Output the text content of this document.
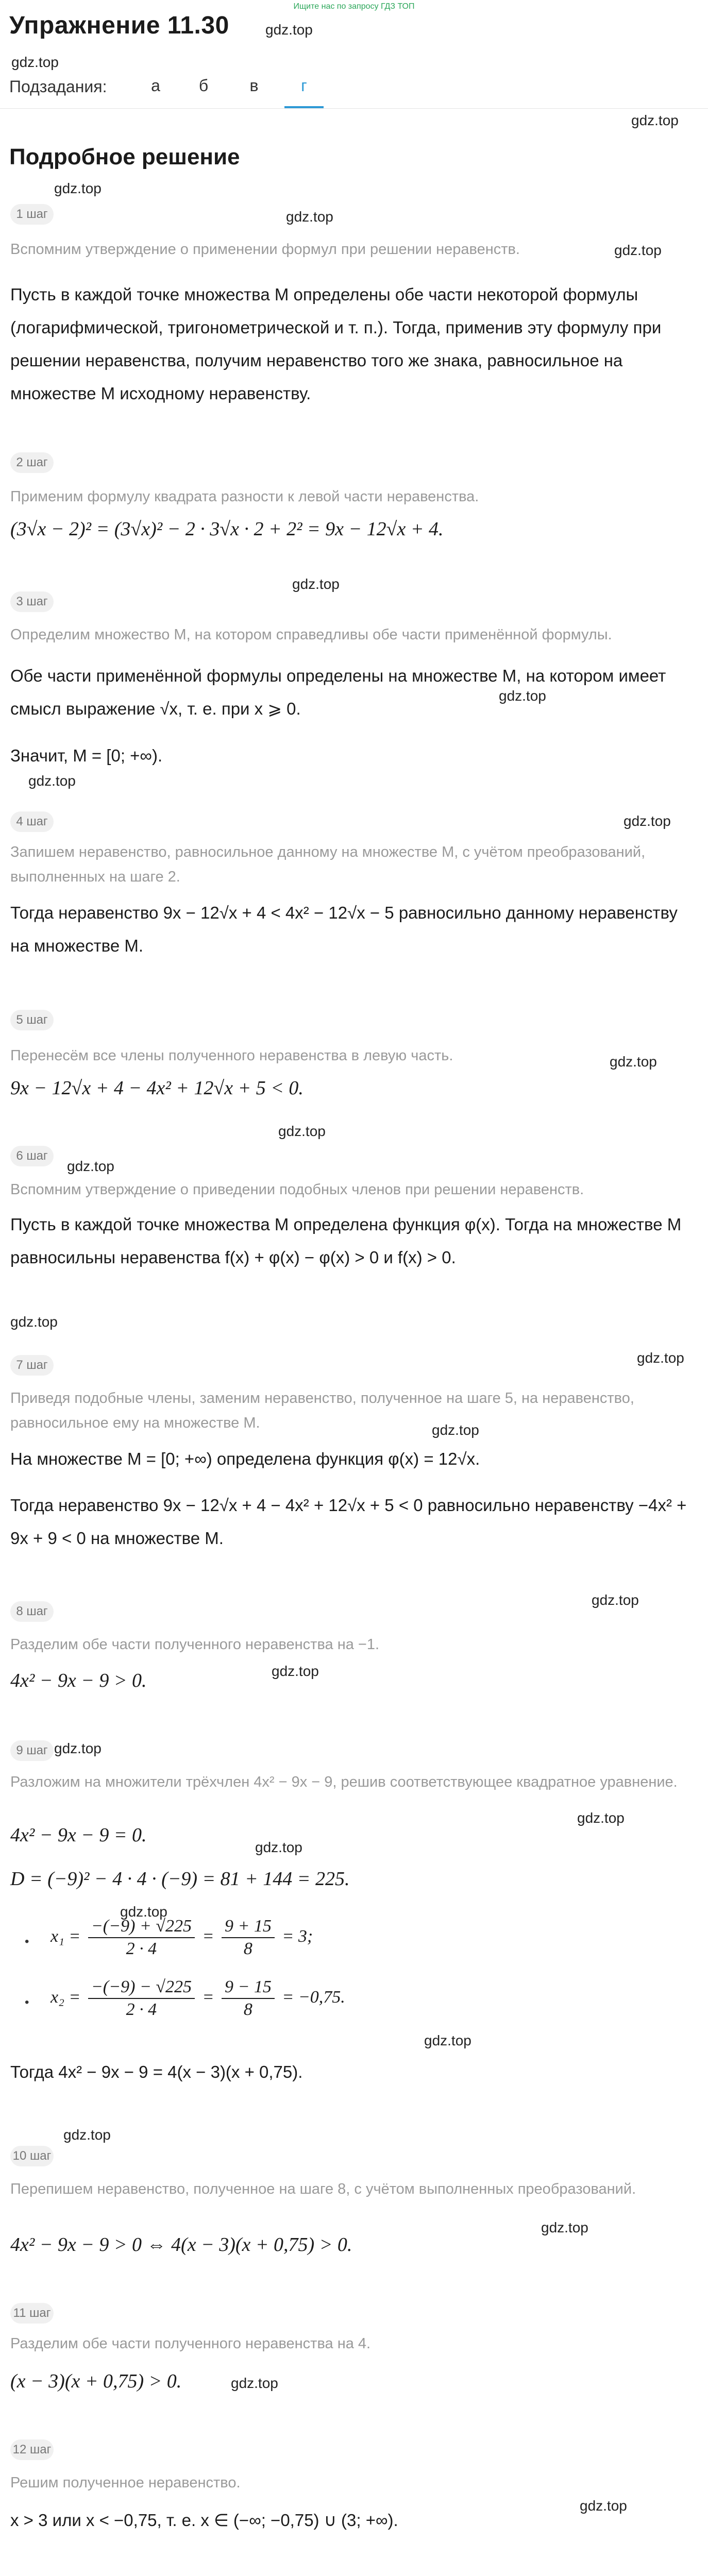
Ищите нас по запросу ГДЗ ТОП
Упражнение 11.30
Подзадания:	а	б	в	г
Подробное решение
gdz.top
gdz.top
gdz.top
gdz.top
gdz.top
gdz.top
gdz.top
gdz.top
gdz.top
gdz.top
gdz.top
gdz.top
gdz.top
gdz.top
gdz.top
gdz.top
gdz.top
gdz.top
gdz.top
gdz.top
gdz.top
gdz.top
gdz.top
gdz.top
gdz.top
gdz.top
gdz.top
1 шаг
Вспомним утверждение о применении формул при решении неравенств.
Пусть в каждой точке множества M определены обе части некоторой формулы (логарифмической, тригонометрической и т. п.). Тогда, применив эту формулу при решении неравенства, получим неравенство того же знака, равносильное на множестве M исходному неравенству.
2 шаг
Применим формулу квадрата разности к левой части неравенства.
(3√x − 2)² = (3√x)² − 2 · 3√x · 2 + 2² = 9x − 12√x + 4.
3 шаг
Определим множество M, на котором справедливы обе части применённой формулы.
Обе части применённой формулы определены на множестве M, на котором имеет смысл выражение √x, т. е. при x ⩾ 0.
Значит, M = [0; +∞).
4 шаг
Запишем неравенство, равносильное данному на множестве M, с учётом преобразований, выполненных на шаге 2.
Тогда неравенство 9x − 12√x + 4 < 4x² − 12√x − 5 равносильно данному неравенству на множестве M.
5 шаг
Перенесём все члены полученного неравенства в левую часть.
9x − 12√x + 4 − 4x² + 12√x + 5 < 0.
6 шаг
Вспомним утверждение о приведении подобных членов при решении неравенств.
Пусть в каждой точке множества M определена функция φ(x). Тогда на множестве M равносильны неравенства f(x) + φ(x) − φ(x) > 0 и f(x) > 0.
7 шаг
Приведя подобные члены, заменим неравенство, полученное на шаге 5, на неравенство, равносильное ему на множестве M.
На множестве M = [0; +∞) определена функция φ(x) = 12√x.
Тогда неравенство 9x − 12√x + 4 − 4x² + 12√x + 5 < 0 равносильно неравенству −4x² + 9x + 9 < 0 на множестве M.
8 шаг
Разделим обе части полученного неравенства на −1.
4x² − 9x − 9 > 0.
9 шаг
Разложим на множители трёхчлен 4x² − 9x − 9, решив соответствующее квадратное уравнение.
4x² − 9x − 9 = 0.
D = (−9)² − 4 · 4 · (−9) = 81 + 144 = 225.
• $x_1 = \frac{-(-9) + √225}{2 \cdot 4} = \frac{9 + 15}{8} = 3$;
• $x_2 = \frac{-(-9) - √225}{2 \cdot 4} = \frac{9 - 15}{8} = -0,75$.
Тогда 4x² − 9x − 9 = 4(x − 3)(x + 0,75).
10 шаг
Перепишем неравенство, полученное на шаге 8, с учётом выполненных преобразований.
4x² − 9x − 9 > 0 ⇔ 4(x − 3)(x + 0,75) > 0.
11 шаг
Разделим обе части полученного неравенства на 4.
(x − 3)(x + 0,75) > 0.
12 шаг
Решим полученное неравенство.
x > 3 или x < −0,75, т. е. x ∈ (−∞; −0,75) ∪ (3; +∞).
